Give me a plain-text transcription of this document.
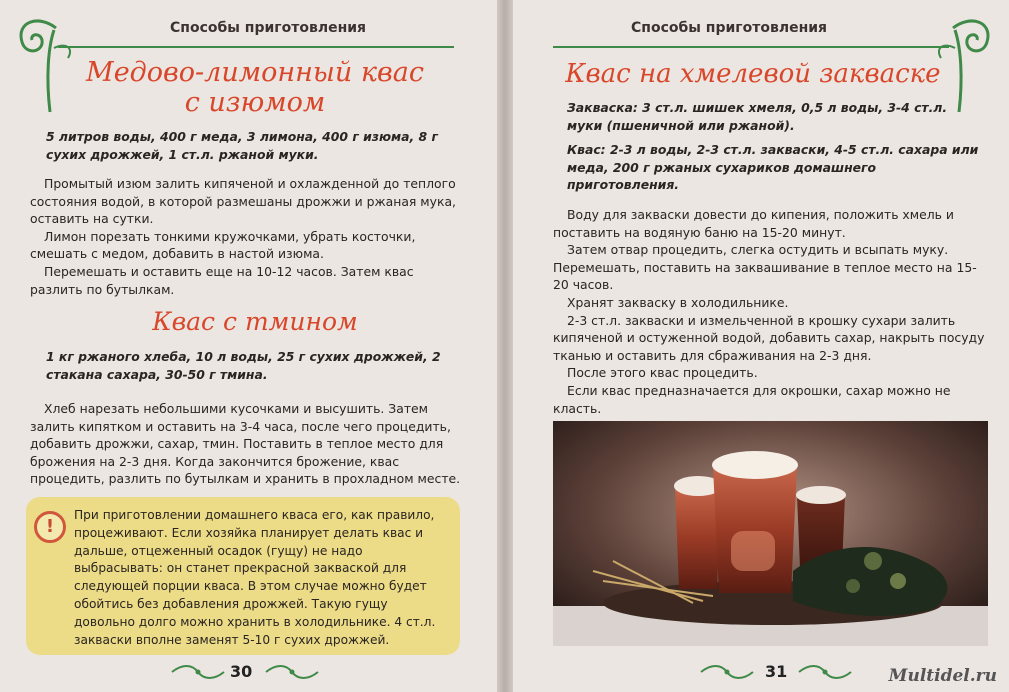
Способы приготовления
Медово-лимонный квас
с изюмом
5 литров воды, 400 г меда, 3 лимона, 400 г изюма, 8 г сухих дрожжей, 1 ст.л. ржаной муки.

Промытый изюм залить кипяченой и охлажденной до теплого состояния водой, в которой размешаны дрожжи и ржаная мука, оставить на сутки.

Лимон порезать тонкими кружочками, убрать косточки, смешать с медом, добавить в настой изюма.

Перемешать и оставить еще на 10-12 часов. Затем квас разлить по бутылкам.

Квас с тмином
1 кг ржаного хлеба, 10 л воды, 25 г сухих дрожжей, 2 стакана сахара, 30-50 г тмина.

Хлеб нарезать небольшими кусочками и высушить. Затем залить кипятком и оставить на 3-4 часа, после чего процедить, добавить дрожжи, сахар, тмин. Поставить в теплое место для брожения на 2-3 дня. Когда закончится брожение, квас процедить, разлить по бутылкам и хранить в прохладном месте.

!
При приготовлении домашнего кваса его, как правило, процеживают. Если хозяйка планирует делать квас и дальше, отцеженный осадок (гущу) не надо выбрасывать: он станет прекрасной закваской для следующей порции кваса. В этом случае можно будет обойтись без добавления дрожжей. Такую гущу довольно долго можно хранить в холодильнике. 4 ст.л. закваски вполне заменят 5-10 г сухих дрожжей.
30
Способы приготовления
Квас на хмелевой закваске
Закваска: 3 ст.л. шишек хмеля, 0,5 л воды, 3-4 ст.л. муки (пшеничной или ржаной).
Квас: 2-3 л воды, 2-3 ст.л. закваски, 4-5 ст.л. сахара или меда, 200 г ржаных сухариков домашнего приготовления.

Воду для закваски довести до кипения, положить хмель и поставить на водяную баню на 15-20 минут.

Затем отвар процедить, слегка остудить и всыпать муку. Перемешать, поставить на заквашивание в теплое место на 15-20 часов.

Хранят закваску в холодильнике.

2-3 ст.л. закваски и измельченной в крошку сухари залить кипяченой и остуженной водой, добавить сахар, накрыть посуду тканью и оставить для сбраживания на 2-3 дня.

После этого квас процедить.

Если квас предназначается для окрошки, сахар можно не класть.

31	Multidel.ru
